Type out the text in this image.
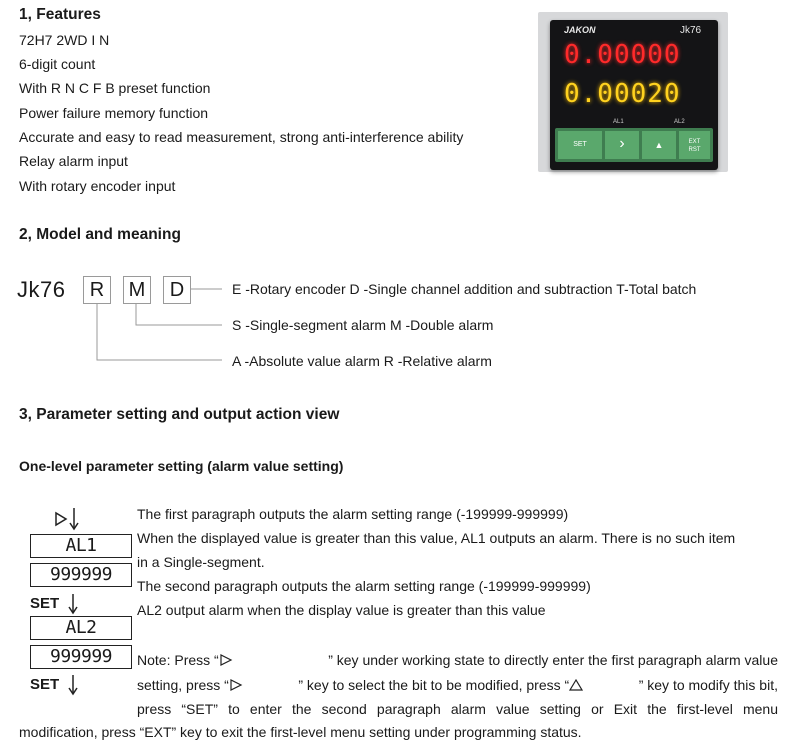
1, Features
72H7 2WD I N
6-digit count
With R N C F B preset function
Power failure memory function
Accurate and easy to read measurement, strong anti-interference ability
Relay alarm input
With rotary encoder input
JAKON	Jk76
0.00000
0.00020
AL1	AL2
SET	›	▲	EXT
RST
2, Model and meaning
Jk76	R	M	D	E -Rotary encoder D -Single channel addition and subtraction T-Total batch
S -Single-segment alarm M -Double alarm
A -Absolute value alarm R -Relative alarm
3, Parameter setting and output action view
One-level parameter setting (alarm value setting)
AL1
999999
SET
AL2
999999
SET
The first paragraph outputs the alarm setting range (-199999-999999)
When the displayed value is greater than this value, AL1 outputs an alarm. There is no such item
in a Single-segment.
The second paragraph outputs the alarm setting range (-199999-999999)
AL2 output alarm when the display value is greater than this value
Note: Press “	” key under working state to directly enter the first paragraph alarm value
setting, press “	” key to select the bit to be modified, press “	” key to modify this bit,
press “SET” to enter the second paragraph alarm value setting or Exit the first-level menu
modification, press “EXT” key to exit the first-level menu setting under programming status.
